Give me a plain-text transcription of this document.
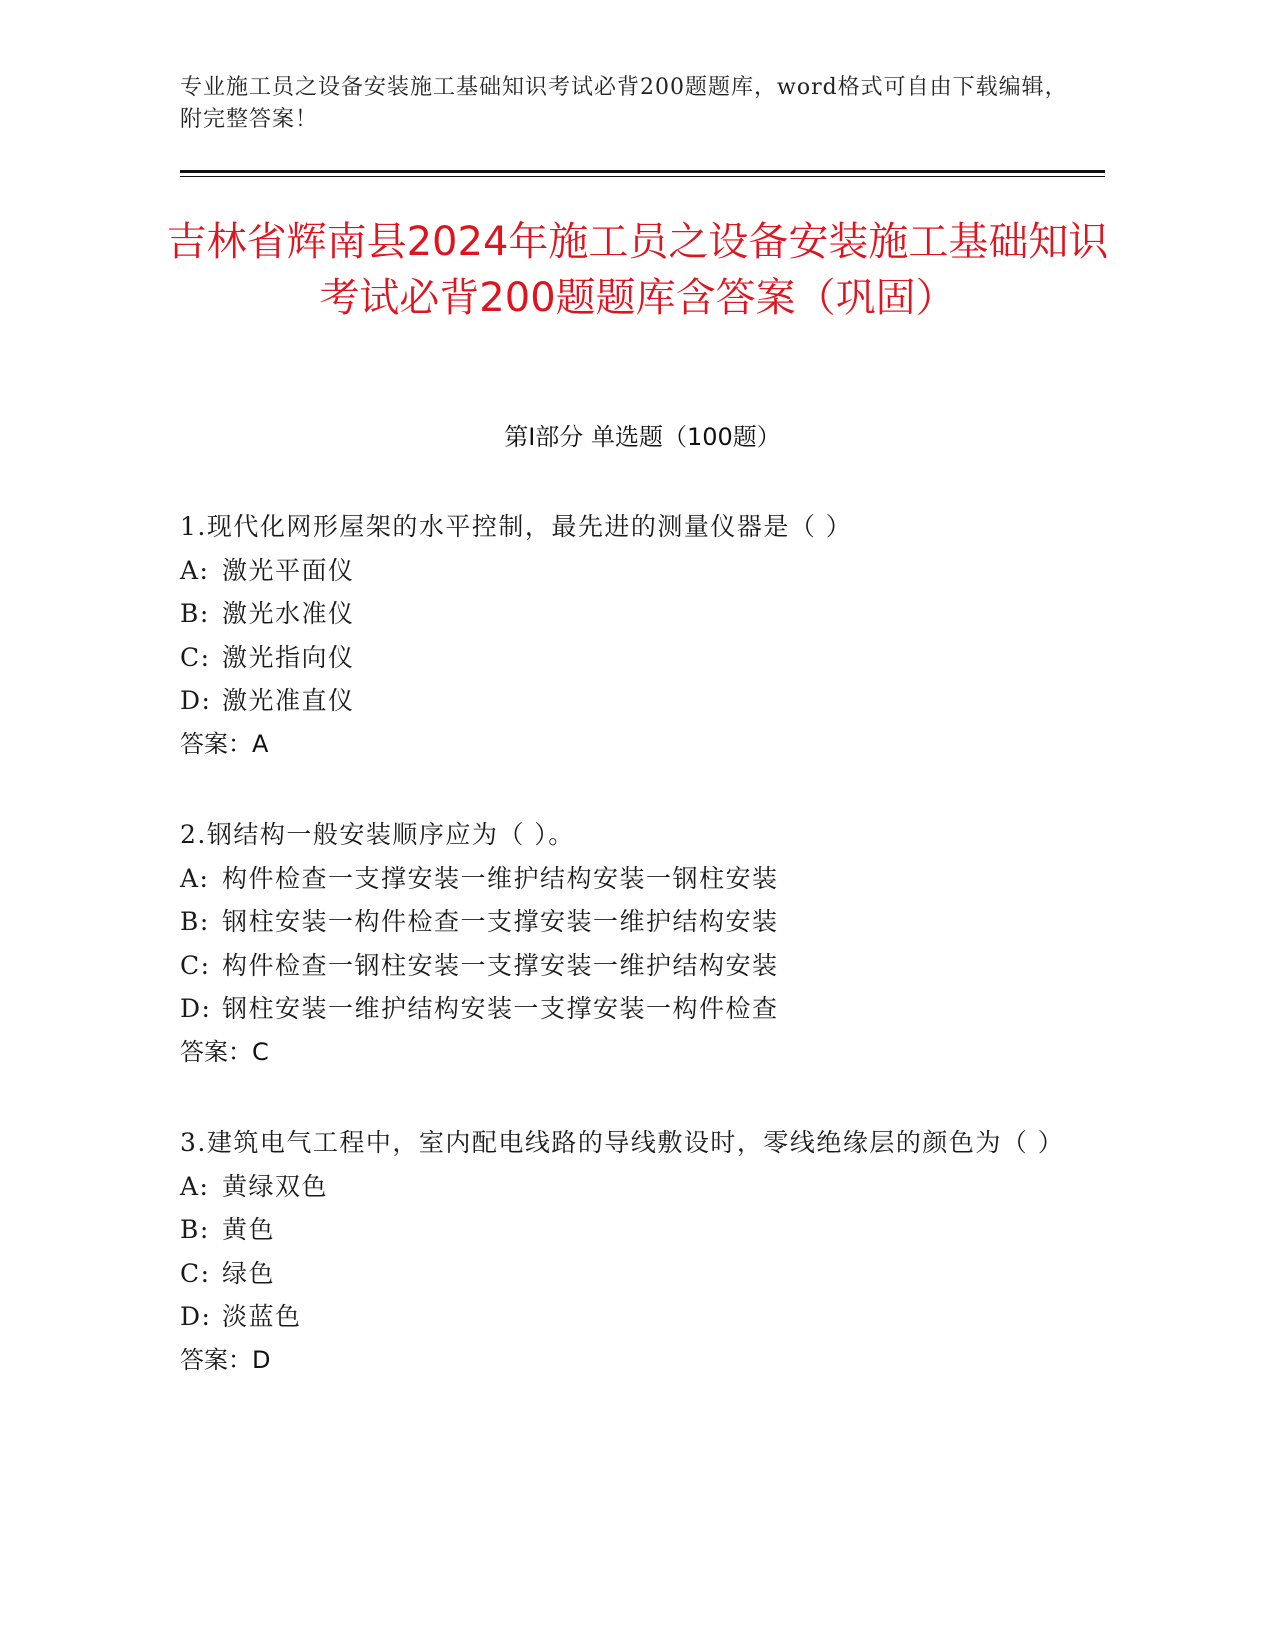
专业施工员之设备安装施工基础知识考试必背200题题库，word格式可自由下载编辑，附完整答案！
吉林省辉南县2024年施工员之设备安装施工基础知识考试必背200题题库含答案（巩固）
第Ⅰ部分 单选题（100题）
1.现代化网形屋架的水平控制，最先进的测量仪器是（ ）
A: 激光平面仪
B: 激光水准仪
C: 激光指向仪
D: 激光准直仪
答案：A
2.钢结构一般安装顺序应为（ ）。
A: 构件检查一支撑安装一维护结构安装一钢柱安装
B: 钢柱安装一构件检查一支撑安装一维护结构安装
C: 构件检查一钢柱安装一支撑安装一维护结构安装
D: 钢柱安装一维护结构安装一支撑安装一构件检查
答案：C
3.建筑电气工程中，室内配电线路的导线敷设时，零线绝缘层的颜色为（ ）
A: 黄绿双色
B: 黄色
C: 绿色
D: 淡蓝色
答案：D
